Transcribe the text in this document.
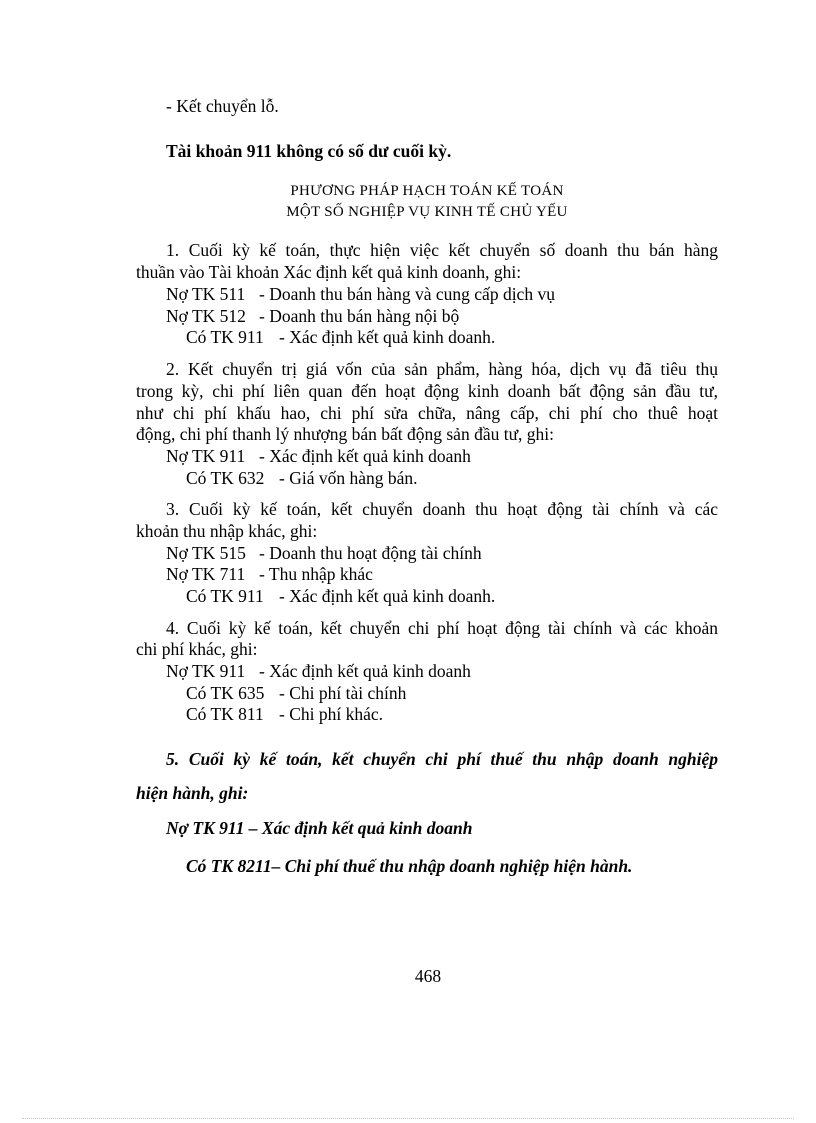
- Kết chuyển lỗ.
Tài khoản 911 không có số dư cuối kỳ.
PHƯƠNG PHÁP HẠCH TOÁN KẾ TOÁN
MỘT SỐ NGHIỆP VỤ KINH TẾ CHỦ YẾU
1. Cuối kỳ kế toán, thực hiện việc kết chuyển số doanh thu bán hàng
thuần vào Tài khoản Xác định kết quả kinh doanh, ghi:
Nợ TK 511 - Doanh thu bán hàng và cung cấp dịch vụ
Nợ TK 512 - Doanh thu bán hàng nội bộ
Có TK 911 - Xác định kết quả kinh doanh.
2. Kết chuyển trị giá vốn của sản phẩm, hàng hóa, dịch vụ đã tiêu thụ
trong kỳ, chi phí liên quan đến hoạt động kinh doanh bất động sản đầu tư,
như chi phí khấu hao, chi phí sửa chữa, nâng cấp, chi phí cho thuê hoạt
động, chi phí thanh lý nhượng bán bất động sản đầu tư, ghi:
Nợ TK 911 - Xác định kết quả kinh doanh
Có TK 632 - Giá vốn hàng bán.
3. Cuối kỳ kế toán, kết chuyển doanh thu hoạt động tài chính và các
khoản thu nhập khác, ghi:
Nợ TK 515 - Doanh thu hoạt động tài chính
Nợ TK 711 - Thu nhập khác
Có TK 911 - Xác định kết quả kinh doanh.
4. Cuối kỳ kế toán, kết chuyển chi phí hoạt động tài chính và các khoản
chi phí khác, ghi:
Nợ TK 911 - Xác định kết quả kinh doanh
Có TK 635 - Chi phí tài chính
Có TK 811 - Chi phí khác.
5. Cuối kỳ kế toán, kết chuyển chi phí thuế thu nhập doanh nghiệp
hiện hành, ghi:
Nợ TK 911 – Xác định kết quả kinh doanh
Có TK 8211– Chi phí thuế thu nhập doanh nghiệp hiện hành.
468
